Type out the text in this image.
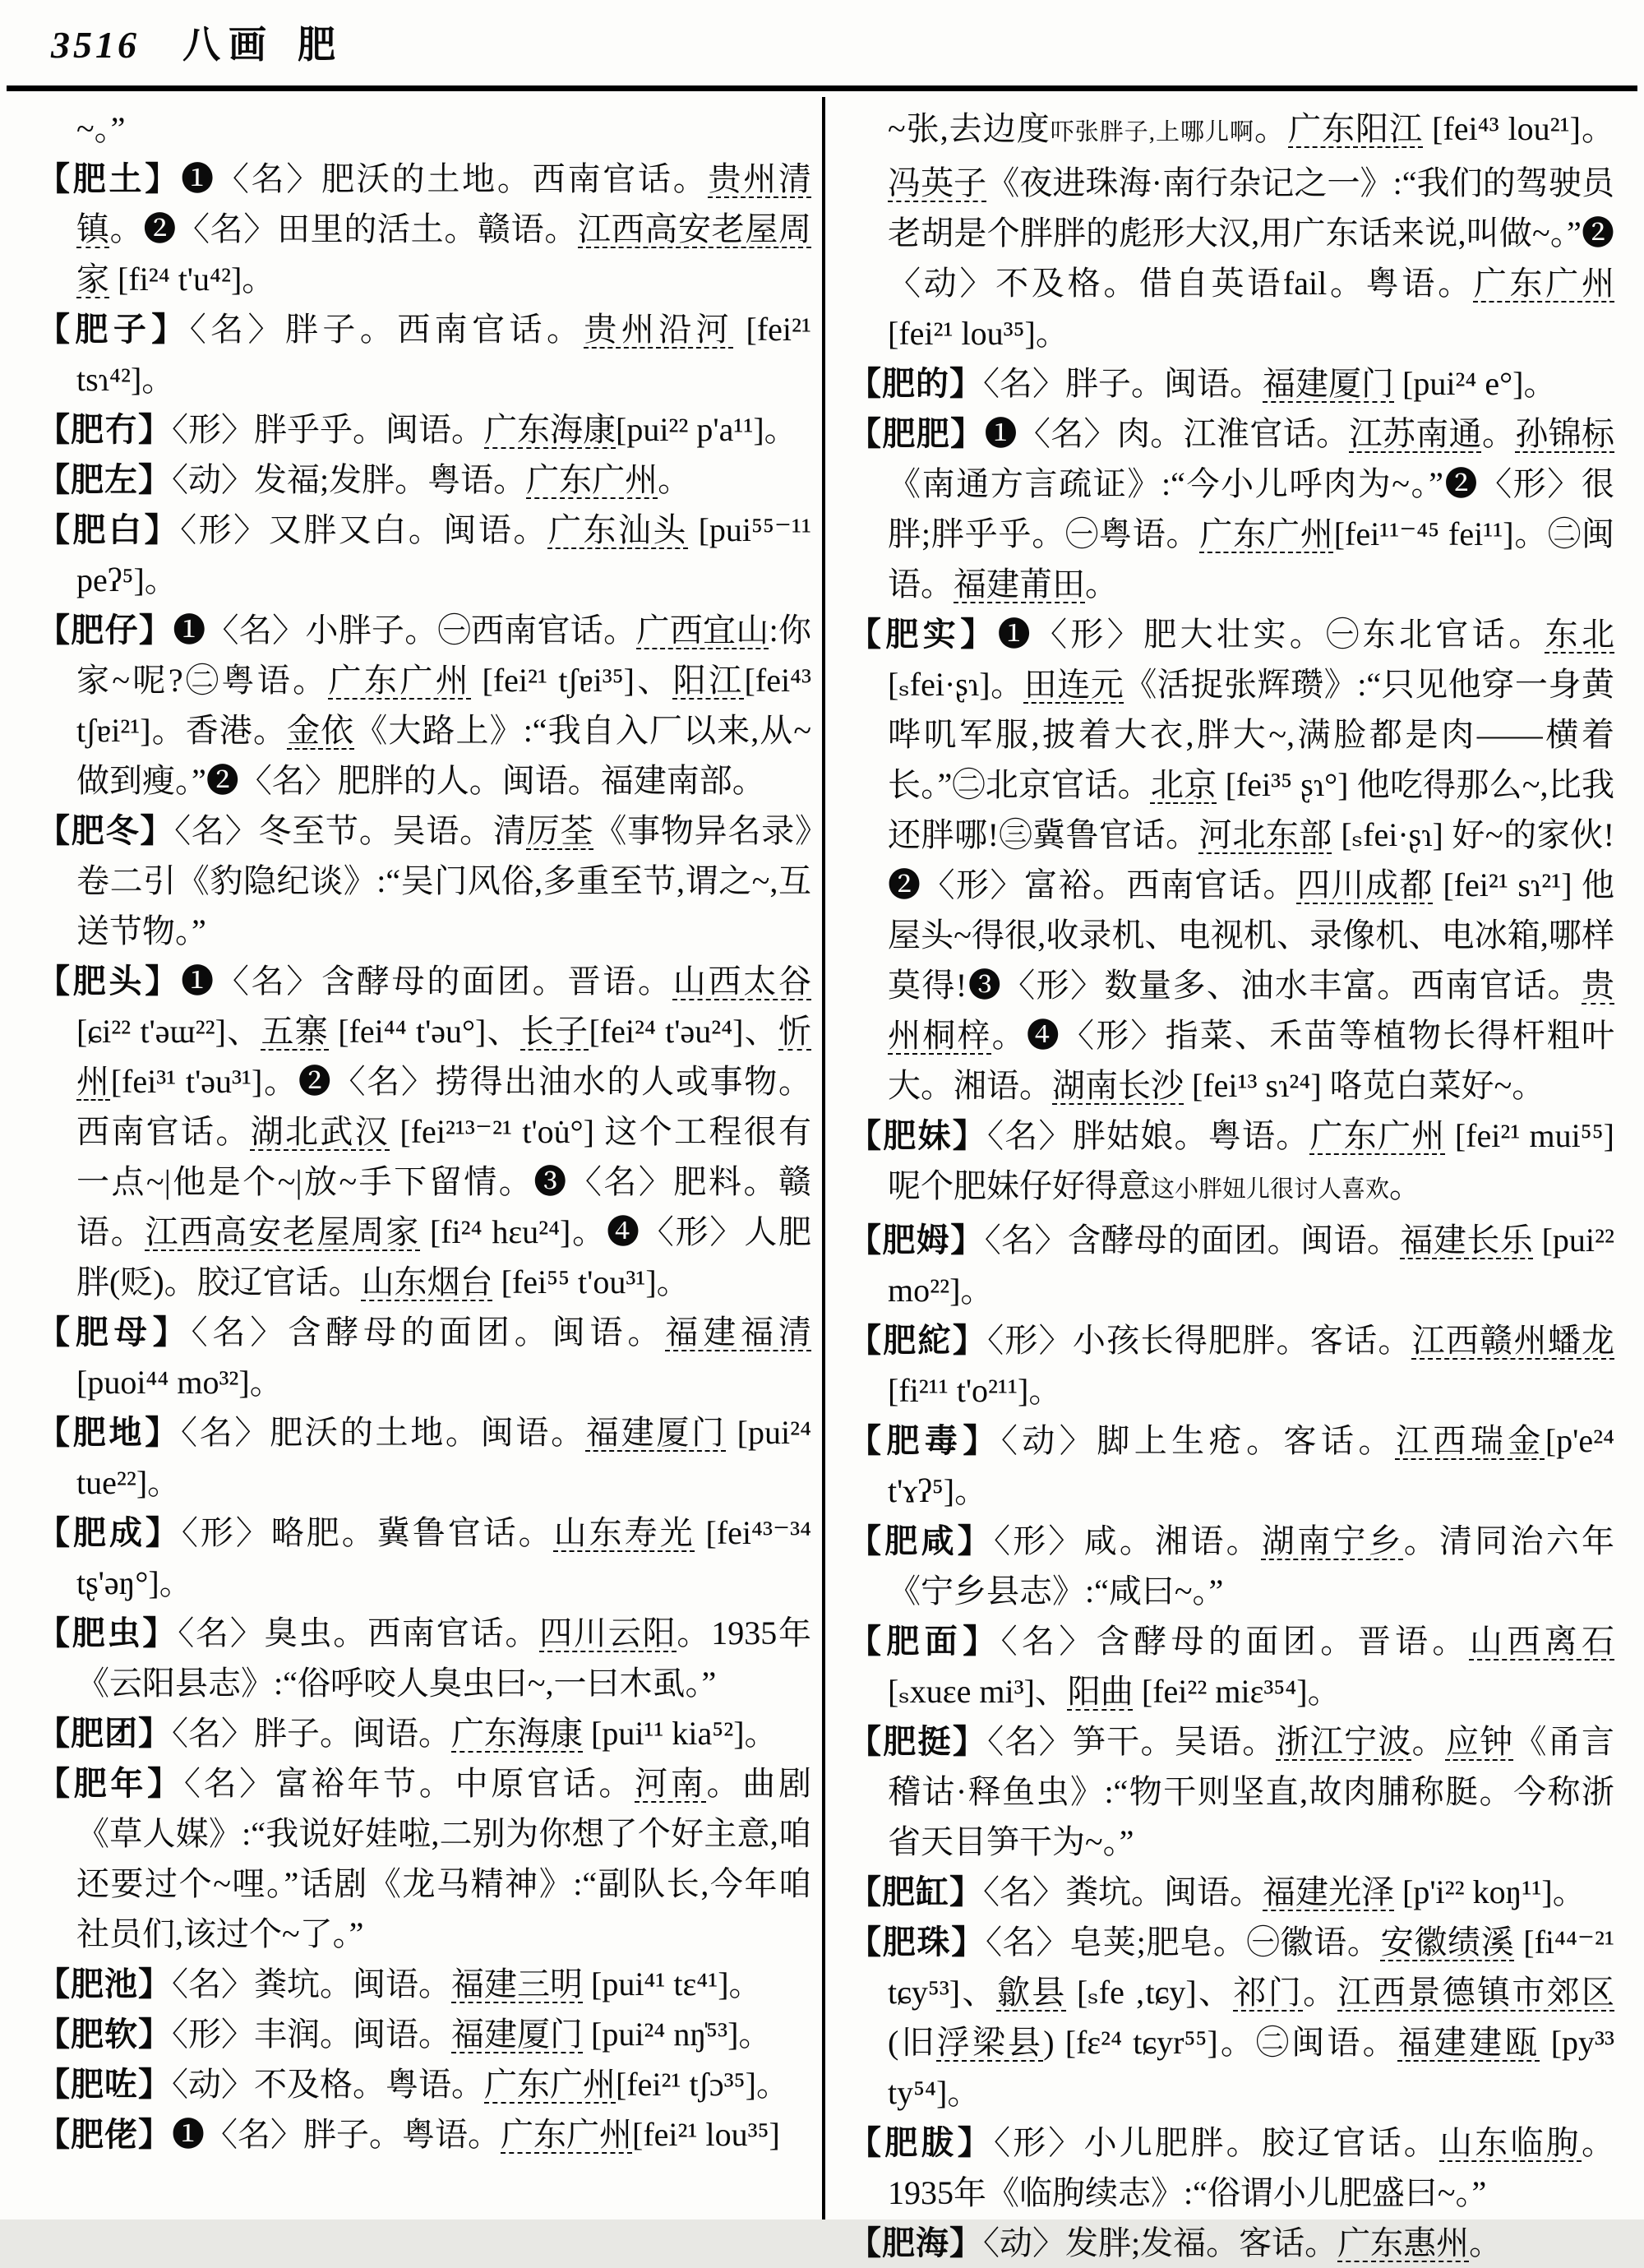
3516 八画 肥

~。”

【肥土】❶〈名〉肥沃的土地。西南官话。贵州清镇。❷〈名〉田里的活土。赣语。江西高安老屋周家 [fi²⁴ t'u⁴²]。

【肥子】〈名〉胖子。西南官话。贵州沿河 [fei²¹ tsɿ⁴²]。

【肥冇】〈形〉胖乎乎。闽语。广东海康[pui²² p'a¹¹]。

【肥左】〈动〉发福;发胖。粤语。广东广州。

【肥白】〈形〉又胖又白。闽语。广东汕头 [pui⁵⁵⁻¹¹ peʔ⁵]。

【肥仔】❶〈名〉小胖子。㊀西南官话。广西宜山:你家~呢?㊁粤语。广东广州 [fei²¹ tʃɐi³⁵]、阳江[fei⁴³ tʃɐi²¹]。香港。金依《大路上》:“我自入厂以来,从~做到瘦。”❷〈名〉肥胖的人。闽语。福建南部。

【肥冬】〈名〉冬至节。吴语。清厉荃《事物异名录》卷二引《豹隐纪谈》:“吴门风俗,多重至节,谓之~,互送节物。”

【肥头】❶〈名〉含酵母的面团。晋语。山西太谷 [ɕi²² t'əɯ²²]、五寨 [fei⁴⁴ t'əu°]、长子[fei²⁴ t'əu²⁴]、忻州[fei³¹ t'əu³¹]。❷〈名〉捞得出油水的人或事物。西南官话。湖北武汉 [fei²¹³⁻²¹ t'ou̇°] 这个工程很有一点~|他是个~|放~手下留情。❸〈名〉肥料。赣语。江西高安老屋周家 [fi²⁴ hɛu²⁴]。❹〈形〉人肥胖(贬)。胶辽官话。山东烟台 [fei⁵⁵ t'ou³¹]。

【肥母】〈名〉含酵母的面团。闽语。福建福清 [puoi⁴⁴ mo³²]。

【肥地】〈名〉肥沃的土地。闽语。福建厦门 [pui²⁴ tue²²]。

【肥成】〈形〉略肥。冀鲁官话。山东寿光 [fei⁴³⁻³⁴ tʂ'əŋ°]。

【肥虫】〈名〉臭虫。西南官话。四川云阳。1935年《云阳县志》:“俗呼咬人臭虫曰~,一曰木虱。”

【肥团】〈名〉胖子。闽语。广东海康 [pui¹¹ kia⁵²]。

【肥年】〈名〉富裕年节。中原官话。河南。曲剧《草人媒》:“我说好娃啦,二别为你想了个好主意,咱还要过个~哩。”话剧《龙马精神》:“副队长,今年咱社员们,该过个~了。”

【肥池】〈名〉粪坑。闽语。福建三明 [pui⁴¹ tɛ⁴¹]。

【肥软】〈形〉丰润。闽语。福建厦门 [pui²⁴ nŋ̍⁵³]。

【肥咗】〈动〉不及格。粤语。广东广州[fei²¹ tʃɔ³⁵]。

【肥佬】❶〈名〉胖子。粤语。广东广州[fei²¹ lou³⁵]

~张,去边度吓张胖子,上哪儿啊。广东阳江 [fei⁴³ lou²¹]。冯英子《夜进珠海·南行杂记之一》:“我们的驾驶员老胡是个胖胖的彪形大汉,用广东话来说,叫做~。”❷〈动〉不及格。借自英语fail。粤语。广东广州 [fei²¹ lou³⁵]。

【肥的】〈名〉胖子。闽语。福建厦门 [pui²⁴ e°]。

【肥肥】❶〈名〉肉。江淮官话。江苏南通。孙锦标《南通方言疏证》:“今小儿呼肉为~。”❷〈形〉很胖;胖乎乎。㊀粤语。广东广州[fei¹¹⁻⁴⁵ fei¹¹]。㊁闽语。福建莆田。

【肥实】❶〈形〉肥大壮实。㊀东北官话。东北 [ₛfei·ʂɿ]。田连元《活捉张辉瓒》:“只见他穿一身黄哔叽军服,披着大衣,胖大~,满脸都是肉——横着长。”㊁北京官话。北京 [fei³⁵ ʂɿ°] 他吃得那么~,比我还胖哪!㊂冀鲁官话。河北东部 [ₛfei·ʂɿ] 好~的家伙!❷〈形〉富裕。西南官话。四川成都 [fei²¹ sɿ²¹] 他屋头~得很,收录机、电视机、录像机、电冰箱,哪样莫得!❸〈形〉数量多、油水丰富。西南官话。贵州桐梓。❹〈形〉指菜、禾苗等植物长得杆粗叶大。湘语。湖南长沙 [fei¹³ sɿ²⁴] 咯苋白菜好~。

【肥妹】〈名〉胖姑娘。粤语。广东广州 [fei²¹ mui⁵⁵] 呢个肥妹仔好得意这小胖妞儿很讨人喜欢。

【肥姆】〈名〉含酵母的面团。闽语。福建长乐 [pui²² mo²²]。

【肥紽】〈形〉小孩长得肥胖。客话。江西赣州蟠龙 [fi²¹¹ t'o²¹¹]。

【肥毒】〈动〉脚上生疮。客话。江西瑞金[p'e²⁴ t'ɤʔ⁵]。

【肥咸】〈形〉咸。湘语。湖南宁乡。清同治六年《宁乡县志》:“咸曰~。”

【肥面】〈名〉含酵母的面团。晋语。山西离石 [ₛxuɛe mi³]、阳曲 [fei²² miɛ³⁵⁴]。

【肥挺】〈名〉笋干。吴语。浙江宁波。应钟《甬言稽诂·释鱼虫》:“物干则坚直,故肉脯称脡。今称浙省天目笋干为~。”

【肥缸】〈名〉粪坑。闽语。福建光泽 [p'i²² koŋ¹¹]。

【肥珠】〈名〉皂荚;肥皂。㊀徽语。安徽绩溪 [fi⁴⁴⁻²¹ tɕy⁵³]、歙县 [ₛfe ‚tɕy]、祁门。江西景德镇市郊区(旧浮梁县) [fɛ²⁴ tɕyr⁵⁵]。㊁闽语。福建建瓯 [py³³ ty⁵⁴]。

【肥胈】〈形〉小儿肥胖。胶辽官话。山东临朐。1935年《临朐续志》:“俗谓小儿肥盛曰~。”

【肥海】〈动〉发胖;发福。客话。广东惠州。
